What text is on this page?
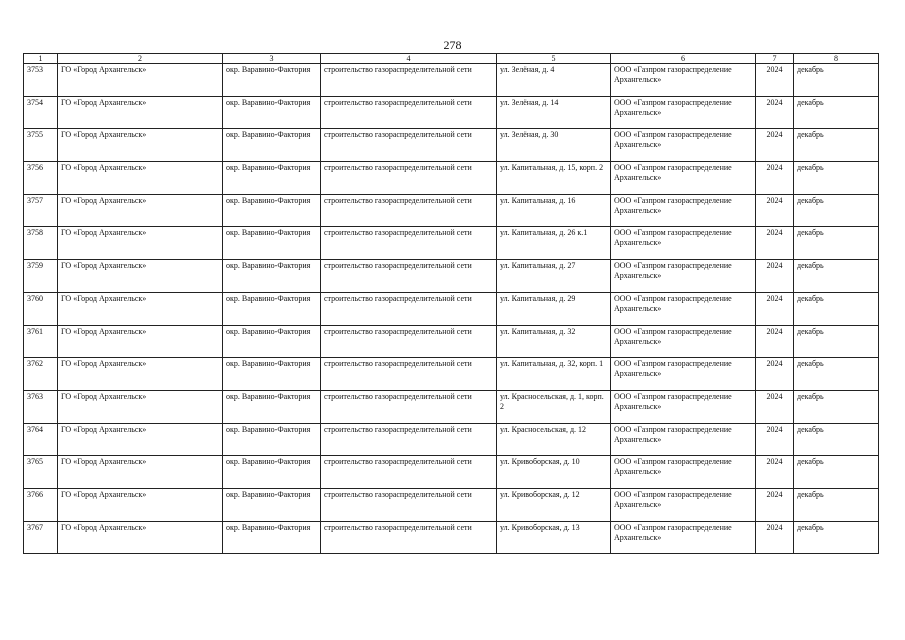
278
1	2	3	4	5	6	7	8
3753	ГО «Город Архангельск»	окр. Варавино-Фактория	строительство газораспределительной сети	ул. Зелёная, д. 4	ООО «Газпром газораспределение Архангельск»	2024	декабрь
3754	ГО «Город Архангельск»	окр. Варавино-Фактория	строительство газораспределительной сети	ул. Зелёная, д. 14	ООО «Газпром газораспределение Архангельск»	2024	декабрь
3755	ГО «Город Архангельск»	окр. Варавино-Фактория	строительство газораспределительной сети	ул. Зелёная, д. 30	ООО «Газпром газораспределение Архангельск»	2024	декабрь
3756	ГО «Город Архангельск»	окр. Варавино-Фактория	строительство газораспределительной сети	ул. Капитальная, д. 15, корп. 2	ООО «Газпром газораспределение Архангельск»	2024	декабрь
3757	ГО «Город Архангельск»	окр. Варавино-Фактория	строительство газораспределительной сети	ул. Капитальная, д. 16	ООО «Газпром газораспределение Архангельск»	2024	декабрь
3758	ГО «Город Архангельск»	окр. Варавино-Фактория	строительство газораспределительной сети	ул. Капитальная, д. 26 к.1	ООО «Газпром газораспределение Архангельск»	2024	декабрь
3759	ГО «Город Архангельск»	окр. Варавино-Фактория	строительство газораспределительной сети	ул. Капитальная, д. 27	ООО «Газпром газораспределение Архангельск»	2024	декабрь
3760	ГО «Город Архангельск»	окр. Варавино-Фактория	строительство газораспределительной сети	ул. Капитальная, д. 29	ООО «Газпром газораспределение Архангельск»	2024	декабрь
3761	ГО «Город Архангельск»	окр. Варавино-Фактория	строительство газораспределительной сети	ул. Капитальная, д. 32	ООО «Газпром газораспределение Архангельск»	2024	декабрь
3762	ГО «Город Архангельск»	окр. Варавино-Фактория	строительство газораспределительной сети	ул. Капитальная, д. 32, корп. 1	ООО «Газпром газораспределение Архангельск»	2024	декабрь
3763	ГО «Город Архангельск»	окр. Варавино-Фактория	строительство газораспределительной сети	ул. Красносельская, д. 1, корп. 2	ООО «Газпром газораспределение Архангельск»	2024	декабрь
3764	ГО «Город Архангельск»	окр. Варавино-Фактория	строительство газораспределительной сети	ул. Красносельская, д. 12	ООО «Газпром газораспределение Архангельск»	2024	декабрь
3765	ГО «Город Архангельск»	окр. Варавино-Фактория	строительство газораспределительной сети	ул. Кривоборская, д. 10	ООО «Газпром газораспределение Архангельск»	2024	декабрь
3766	ГО «Город Архангельск»	окр. Варавино-Фактория	строительство газораспределительной сети	ул. Кривоборская, д. 12	ООО «Газпром газораспределение Архангельск»	2024	декабрь
3767	ГО «Город Архангельск»	окр. Варавино-Фактория	строительство газораспределительной сети	ул. Кривоборская, д. 13	ООО «Газпром газораспределение Архангельск»	2024	декабрь
